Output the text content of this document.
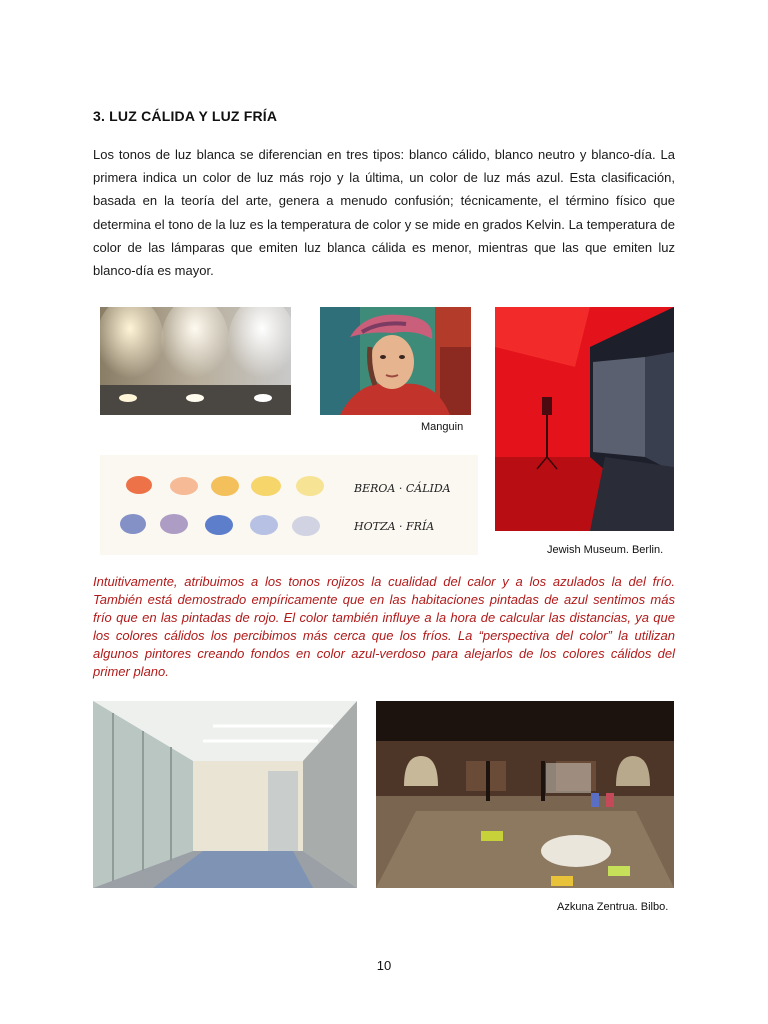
3. LUZ CÁLIDA Y LUZ FRÍA
Los tonos de luz blanca se diferencian en tres tipos: blanco cálido, blanco neutro y blanco-día. La primera indica un color de luz más rojo y la última, un color de luz más azul. Esta clasificación, basada en la teoría del arte, genera a menudo confusión; técnicamente, el término físico que determina el tono de la luz es la temperatura de color y se mide en grados Kelvin. La temperatura de color de las lámparas que emiten luz blanca cálida es menor, mientras que las que emiten luz blanco-día es mayor.
Manguin
BEROA · CÁLIDA
HOTZA · FRÍA
Jewish Museum. Berlin.
Intuitivamente, atribuimos a los tonos rojizos la cualidad del calor y a los azulados la del frío. También está demostrado empíricamente que en las habitaciones pintadas de azul sentimos más frío que en las pintadas de rojo. El color también influye a la hora de calcular las distancias, ya que los colores cálidos los percibimos más cerca que los fríos. La “perspectiva del color” la utilizan algunos pintores creando fondos en color azul-verdoso para alejarlos de los colores cálidos del primer plano.
Azkuna Zentrua. Bilbo.
10
